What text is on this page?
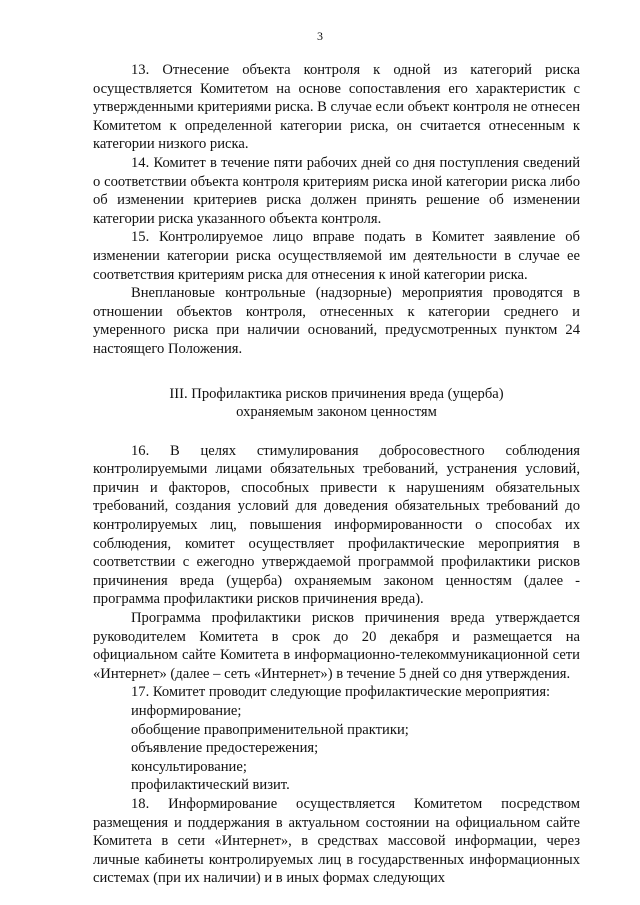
3

13. Отнесение объекта контроля к одной из категорий риска осуществляется Комитетом на основе сопоставления его характеристик с утвержденными критериями риска. В случае если объект контроля не отнесен Комитетом к определенной категории риска, он считается отнесенным к категории низкого риска.

14. Комитет в течение пяти рабочих дней со дня поступления сведений о соответствии объекта контроля критериям риска иной категории риска либо об изменении критериев риска должен принять решение об изменении категории риска указанного объекта контроля.

15. Контролируемое лицо вправе подать в Комитет заявление об изменении категории риска осуществляемой им деятельности в случае ее соответствия критериям риска для отнесения к иной категории риска.

Внеплановые контрольные (надзорные) мероприятия проводятся в отношении объектов контроля, отнесенных к категории среднего и умеренного риска при наличии оснований, предусмотренных пунктом 24 настоящего Положения.

III. Профилактика рисков причинения вреда (ущерба)
охраняемым законом ценностям

16. В целях стимулирования добросовестного соблюдения контролируемыми лицами обязательных требований, устранения условий, причин и факторов, способных привести к нарушениям обязательных требований, создания условий для доведения обязательных требований до контролируемых лиц, повышения информированности о способах их соблюдения, комитет осуществляет профилактические мероприятия в соответствии с ежегодно утверждаемой программой профилактики рисков причинения вреда (ущерба) охраняемым законом ценностям (далее - программа профилактики рисков причинения вреда).

Программа профилактики рисков причинения вреда утверждается руководителем Комитета в срок до 20 декабря и размещается на официальном сайте Комитета в информационно-телекоммуникационной сети «Интернет» (далее – сеть «Интернет») в течение 5 дней со дня утверждения.

17. Комитет проводит следующие профилактические мероприятия:

информирование;

обобщение правоприменительной практики;

объявление предостережения;

консультирование;

профилактический визит.

18. Информирование осуществляется Комитетом посредством размещения и поддержания в актуальном состоянии на официальном сайте Комитета в сети «Интернет», в средствах массовой информации, через личные кабинеты контролируемых лиц в государственных информационных системах (при их наличии) и в иных формах следующих
